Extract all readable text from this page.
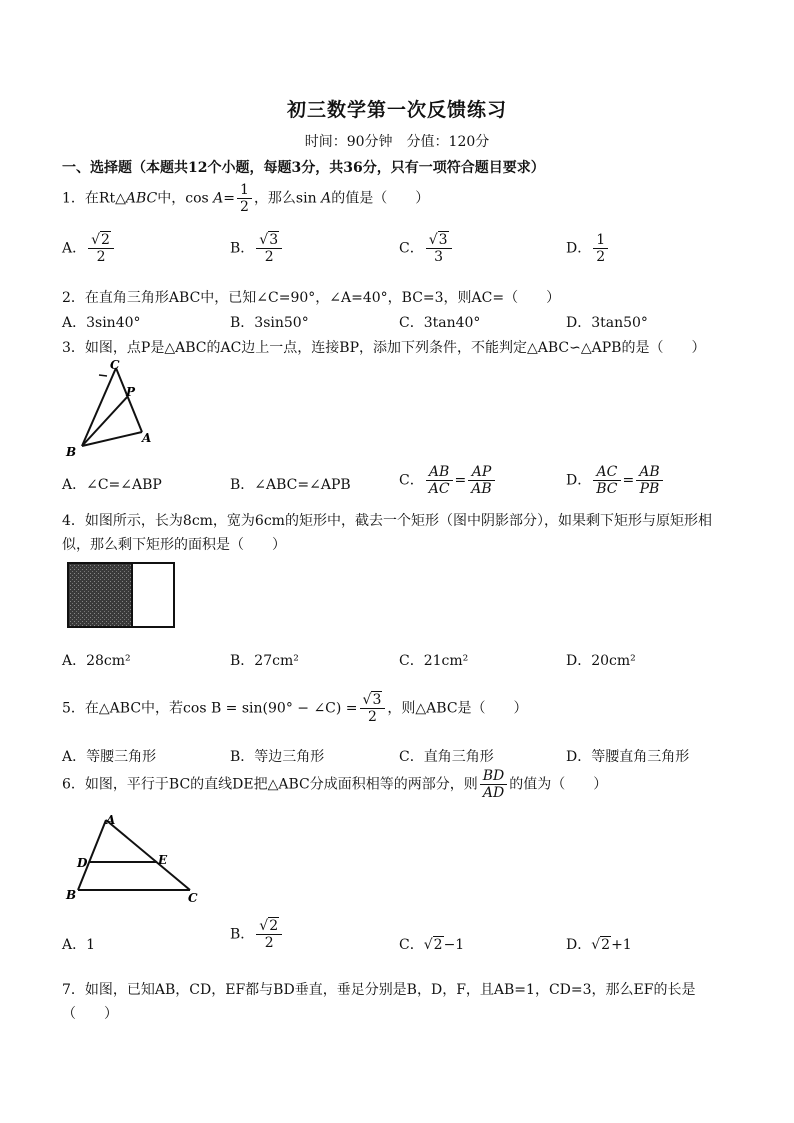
初三数学第一次反馈练习
时间：90分钟　分值：120分
一、选择题（本题共12个小题，每题3分，共36分，只有一项符合题目要求）
1．在Rt△ABC中，$\cos A= \frac{1}{2}$ ，那么sin A的值是（　　）
A． $\frac{√2}{2}$	B． $\frac{√3}{2}$	C． $\frac{√3}{3}$	D． $\frac{1}{2}$
2．在直角三角形ABC中，已知∠C=90°，∠A=40°，BC=3，则AC=（　　）
A．3sin40°	B．3sin50°	C．3tan40°	D．3tan50°
3．如图，点P是△ABC的AC边上一点，连接BP，添加下列条件，不能判定△ABC∽△APB的是（　　）
C
P
B
A
A．∠C=∠ABP	B．∠ABC=∠APB	C． $\frac{AB}{AC} = \frac{AP}{AB}$	D． $\frac{AC}{BC} = \frac{AB}{PB}$
4．如图所示，长为8cm，宽为6cm的矩形中，截去一个矩形（图中阴影部分），如果剩下矩形与原矩形相
似，那么剩下矩形的面积是（　　）
A．28cm²	B．27cm²	C．21cm²	D．20cm²
5．在△ABC中，若cos B = sin(90° − ∠C) = $\frac{√3}{2}$ ，则△ABC是（　　）
A．等腰三角形	B．等边三角形	C．直角三角形	D．等腰直角三角形
6．如图，平行于BC的直线DE把△ABC分成面积相等的两部分，则 $\frac{BD}{AD}$ 的值为（　　）
A
D	E
B	C
A．1
B． $\frac{√2}{2}$	C．√2−1	D．√2+1
7．如图，已知AB，CD，EF都与BD垂直，垂足分别是B，D，F，且AB=1，CD=3，那么EF的长是
（　　）
